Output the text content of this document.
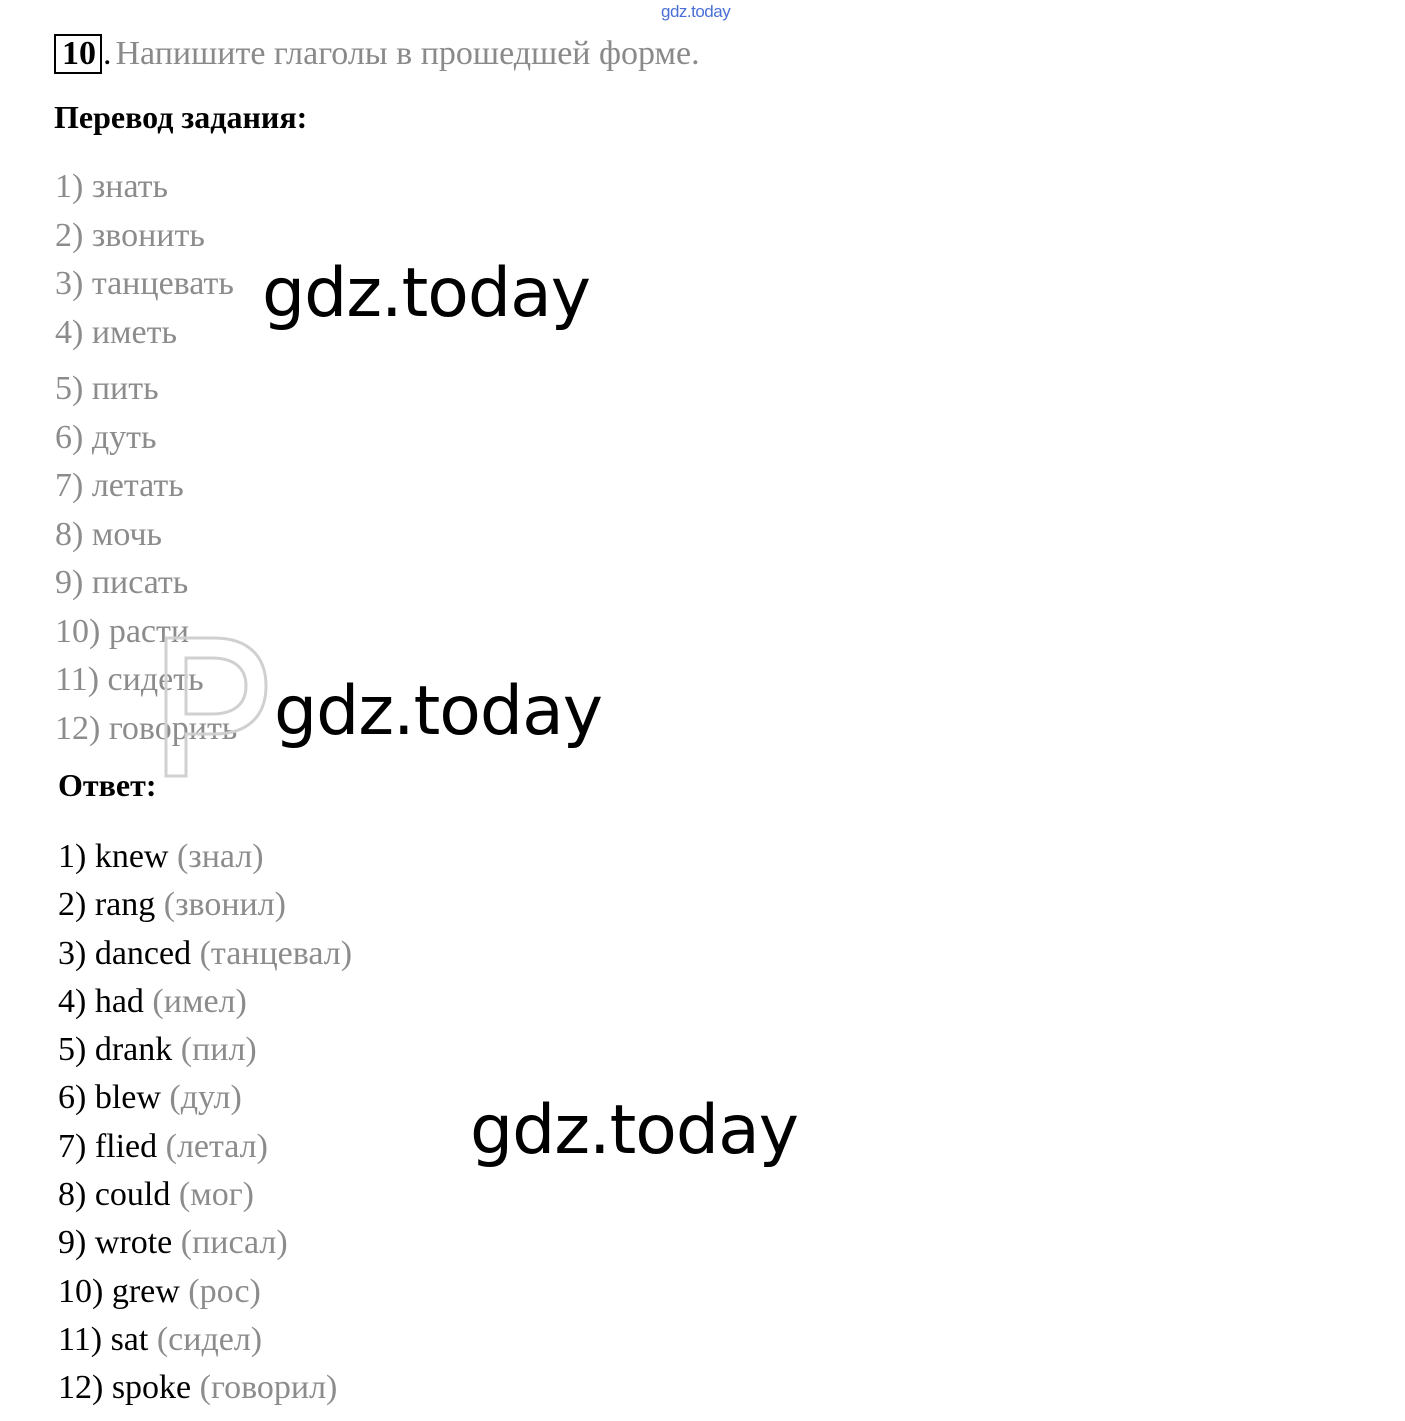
gdz.today
10 . Напишите глаголы в прошедшей форме.
Перевод задания:
1) знать
2) звонить
3) танцевать
4) иметь
5) пить
6) дуть
7) летать
8) мочь
9) писать
10) расти
11) сидеть
12) говорить
Ответ:
1) knew (знал)
2) rang (звонил)
3) danced (танцевал)
4) had (имел)
5) drank (пил)
6) blew (дул)
7) flied (летал)
8) could (мог)
9) wrote (писал)
10) grew (рос)
11) sat (сидел)
12) spoke (говорил)
gdz.today
gdz.today
gdz.today
